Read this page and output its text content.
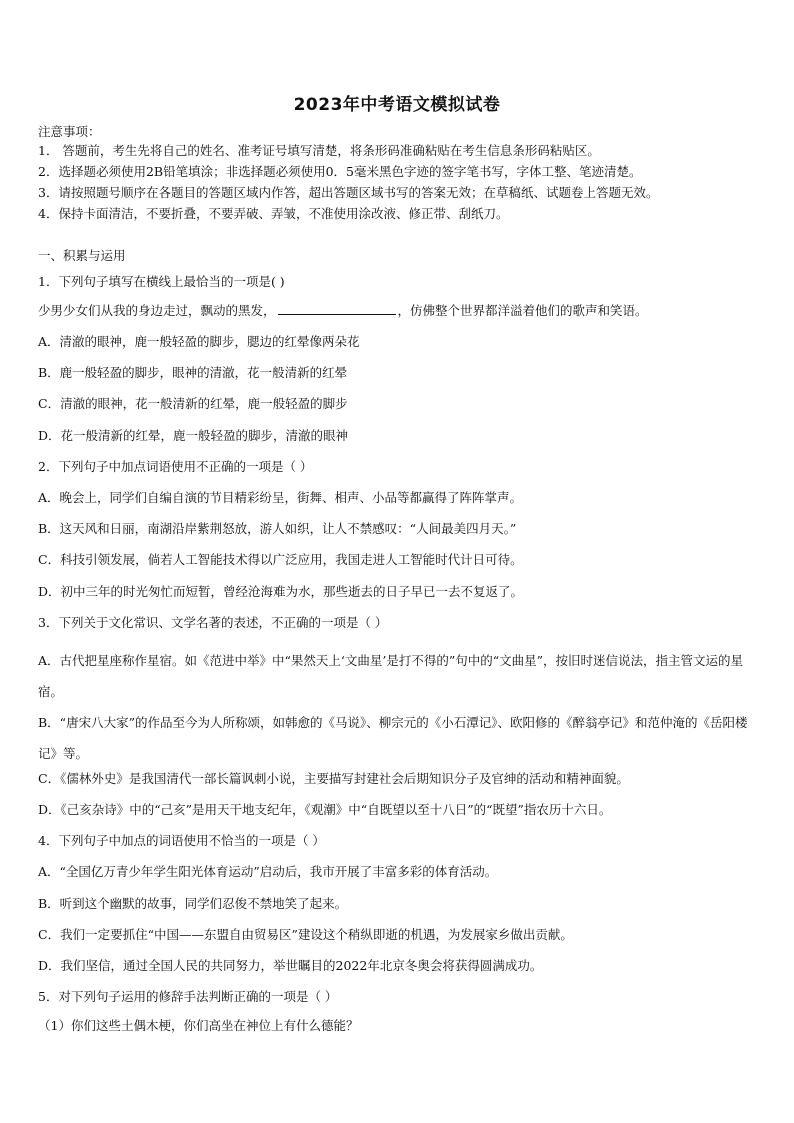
2023年中考语文模拟试卷
注意事项：
1． 答题前，考生先将自己的姓名、准考证号填写清楚，将条形码准确粘贴在考生信息条形码粘贴区。
2．选择题必须使用2B铅笔填涂；非选择题必须使用0．5毫米黑色字迹的签字笔书写，字体工整、笔迹清楚。
3．请按照题号顺序在各题目的答题区域内作答，超出答题区域书写的答案无效；在草稿纸、试题卷上答题无效。
4．保持卡面清洁，不要折叠，不要弄破、弄皱，不准使用涂改液、修正带、刮纸刀。
一、积累与运用
1．下列句子填写在横线上最恰当的一项是( )
少男少女们从我的身边走过，飘动的黑发，	，仿佛整个世界都洋溢着他们的歌声和笑语。
A．清澈的眼神，鹿一般轻盈的脚步，腮边的红晕像两朵花
B．鹿一般轻盈的脚步，眼神的清澈，花一般清新的红晕
C．清澈的眼神，花一般清新的红晕，鹿一般轻盈的脚步
D．花一般清新的红晕，鹿一般轻盈的脚步，清澈的眼神
2．下列句子中加点词语使用不正确的一项是（ ）
A．晚会上，同学们自编自演的节目精彩纷呈，街舞、相声、小品等都赢得了阵阵掌声。
B．这天风和日丽，南湖沿岸紫荆怒放，游人如织，让人不禁感叹：“人间最美四月天。”
C．科技引领发展，倘若人工智能技术得以广泛应用，我国走进人工智能时代计日可待。
D．初中三年的时光匆忙而短暂，曾经沧海难为水，那些逝去的日子早已一去不复返了。
3．下列关于文化常识、文学名著的表述，不正确的一项是（ ）
A．古代把星座称作星宿。如《范进中举》中“果然天上‘文曲星’是打不得的”句中的“文曲星”，按旧时迷信说法，指主管文运的星宿。
B．“唐宋八大家”的作品至今为人所称颂，如韩愈的《马说》、柳宗元的《小石潭记》、欧阳修的《醉翁亭记》和范仲淹的《岳阳楼记》等。
C．《儒林外史》是我国清代一部长篇讽刺小说，主要描写封建社会后期知识分子及官绅的活动和精神面貌。
D．《己亥杂诗》中的“己亥”是用天干地支纪年，《观潮》中“自既望以至十八日”的“既望”指农历十六日。
4．下列句子中加点的词语使用不恰当的一项是（ ）
A．“全国亿万青少年学生阳光体育运动”启动后，我市开展了丰富多彩的体育活动。
B．听到这个幽默的故事，同学们忍俊不禁地笑了起来。
C．我们一定要抓住“中国——东盟自由贸易区”建设这个稍纵即逝的机遇，为发展家乡做出贡献。
D．我们坚信，通过全国人民的共同努力，举世瞩目的2022年北京冬奥会将获得圆满成功。
5．对下列句子运用的修辞手法判断正确的一项是（ ）
（1）你们这些土偶木梗，你们高坐在神位上有什么德能？
